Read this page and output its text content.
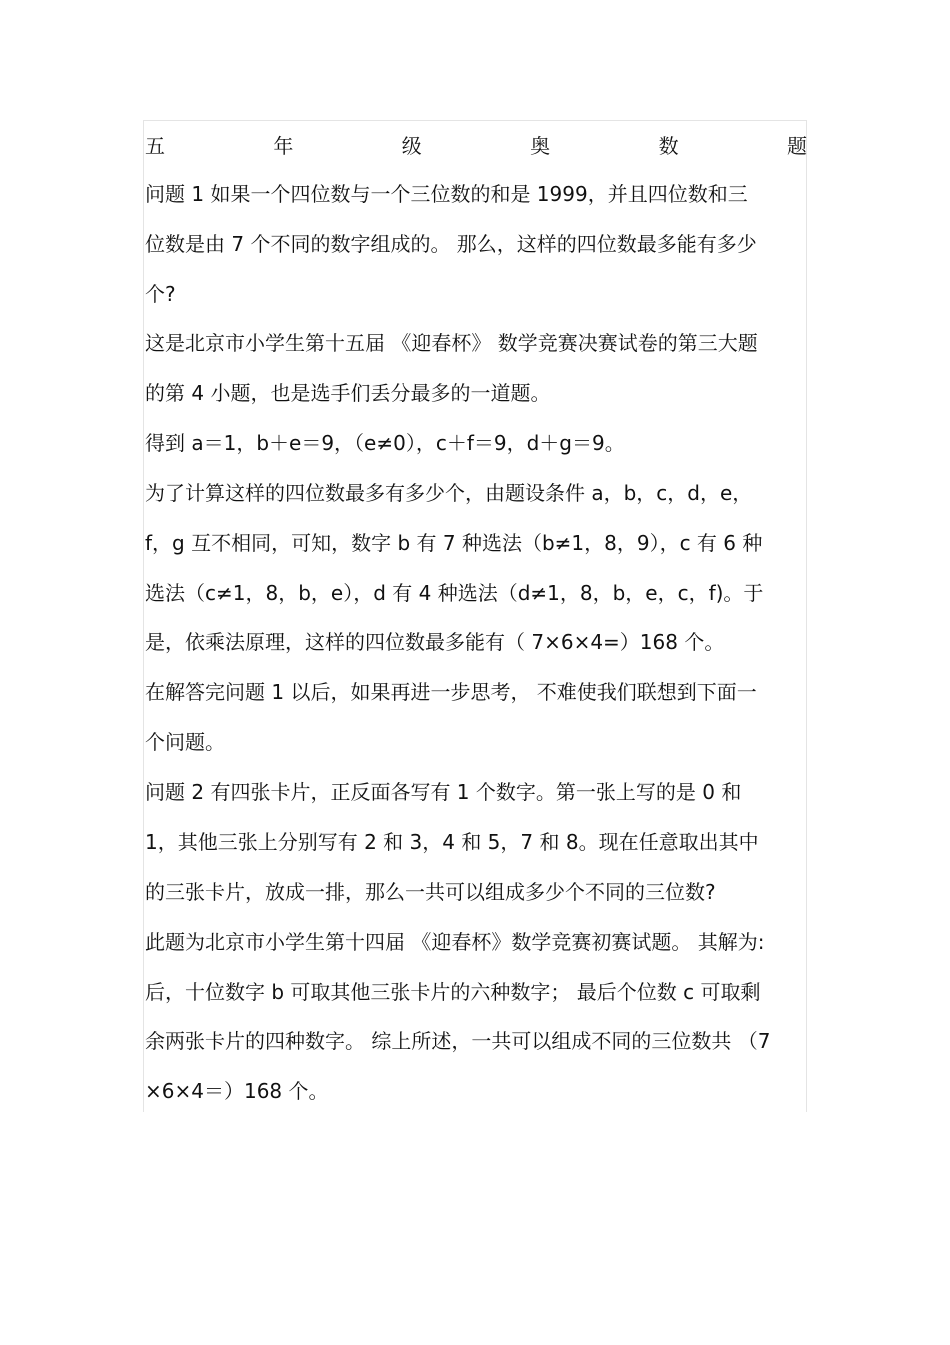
五	年	级	奥	数	题
问题 1 如果一个四位数与一个三位数的和是 1999，并且四位数和三
位数是由 7 个不同的数字组成的。 那么，这样的四位数最多能有多少
个?
这是北京市小学生第十五届 《迎春杯》 数学竞赛决赛试卷的第三大题
的第 4 小题，也是选手们丢分最多的一道题。
得到 a＝1，b＋e＝9，（e≠0），c＋f＝9，d＋g＝9。
为了计算这样的四位数最多有多少个，由题设条件 a，b，c，d，e，
f，g 互不相同，可知，数字 b 有 7 种选法（b≠1，8，9），c 有 6 种
选法（c≠1，8，b，e），d 有 4 种选法（d≠1，8，b，e，c，f)。于
是，依乘法原理，这样的四位数最多能有（ 7×6×4=）168 个。
在解答完问题 1 以后，如果再进一步思考， 不难使我们联想到下面一
个问题。
问题 2 有四张卡片，正反面各写有 1 个数字。第一张上写的是 0 和
1，其他三张上分别写有 2 和 3，4 和 5，7 和 8。现在任意取出其中
的三张卡片，放成一排，那么一共可以组成多少个不同的三位数?
此题为北京市小学生第十四届 《迎春杯》数学竞赛初赛试题。 其解为:
后，十位数字 b 可取其他三张卡片的六种数字； 最后个位数 c 可取剩
余两张卡片的四种数字。 综上所述，一共可以组成不同的三位数共 （7
×6×4＝）168 个。
